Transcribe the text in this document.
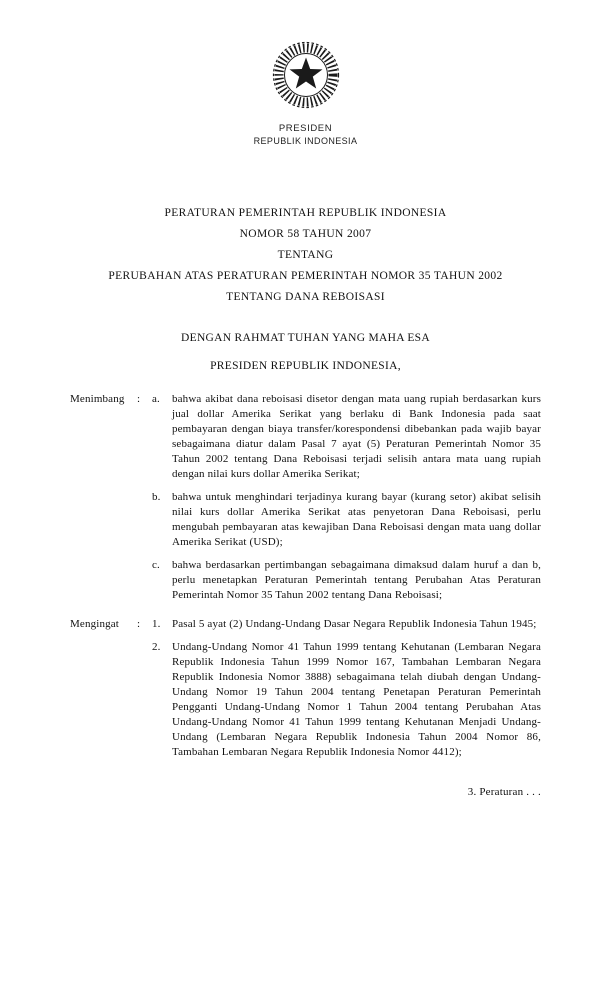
PRESIDEN
REPUBLIK INDONESIA
PERATURAN PEMERINTAH REPUBLIK INDONESIA
NOMOR 58 TAHUN 2007
TENTANG
PERUBAHAN ATAS PERATURAN PEMERINTAH NOMOR 35 TAHUN 2002
TENTANG DANA REBOISASI
DENGAN RAHMAT TUHAN YANG MAHA ESA
PRESIDEN REPUBLIK INDONESIA,
Menimbang	:	a.	bahwa akibat dana reboisasi disetor dengan mata uang rupiah berdasarkan kurs jual dollar Amerika Serikat yang berlaku di Bank Indonesia pada saat pembayaran dengan biaya transfer/korespondensi dibebankan pada wajib bayar sebagaimana diatur dalam Pasal 7 ayat (5) Peraturan Pemerintah Nomor 35 Tahun 2002 tentang Dana Reboisasi terjadi selisih antara mata uang rupiah dengan nilai kurs dollar Amerika Serikat;

b.	bahwa untuk menghindari terjadinya kurang bayar (kurang setor) akibat selisih nilai kurs dollar Amerika Serikat atas penyetoran Dana Reboisasi, perlu mengubah pembayaran atas kewajiban Dana Reboisasi dengan mata uang dollar Amerika Serikat (USD);

c.	bahwa berdasarkan pertimbangan sebagaimana dimaksud dalam huruf a dan b, perlu menetapkan Peraturan Pemerintah tentang Perubahan Atas Peraturan Pemerintah Nomor 35 Tahun 2002 tentang Dana Reboisasi;

Mengingat	:	1.	Pasal 5 ayat (2) Undang-Undang Dasar Negara Republik Indonesia Tahun 1945;

2.	Undang-Undang Nomor 41 Tahun 1999 tentang Kehutanan (Lembaran Negara Republik Indonesia Tahun 1999 Nomor 167, Tambahan Lembaran Negara Republik Indonesia Nomor 3888) sebagaimana telah diubah dengan Undang-Undang Nomor 19 Tahun 2004 tentang Penetapan Peraturan Pemerintah Pengganti Undang-Undang Nomor 1 Tahun 2004 tentang Perubahan Atas Undang-Undang Nomor 41 Tahun 1999 tentang Kehutanan Menjadi Undang-Undang (Lembaran Negara Republik Indonesia Tahun 2004 Nomor 86, Tambahan Lembaran Negara Republik Indonesia Nomor 4412);

3. Peraturan . . .
